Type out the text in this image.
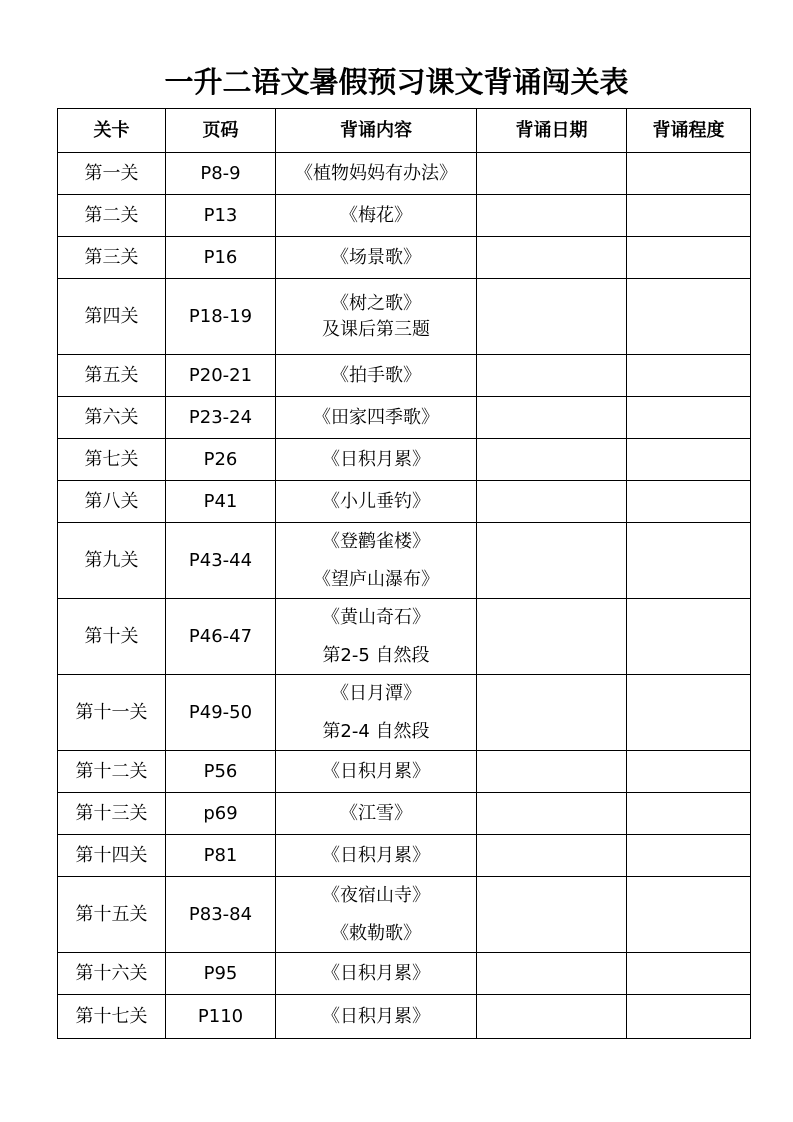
一升二语文暑假预习课文背诵闯关表
关卡	页码	背诵内容	背诵日期	背诵程度
第一关	P8-9	《植物妈妈有办法》		

第二关	P13	《梅花》		

第三关	P16	《场景歌》		

第四关	P18-19	《树之歌》
及课后第三题		

第五关	P20-21	《拍手歌》		

第六关	P23-24	《田家四季歌》		

第七关	P26	《日积月累》		

第八关	P41	《小儿垂钓》		

第九关	P43-44	《登鹳雀楼》
《望庐山瀑布》		

第十关	P46-47	《黄山奇石》
第2-5 自然段		

第十一关	P49-50	《日月潭》
第2-4 自然段		

第十二关	P56	《日积月累》		

第十三关	p69	《江雪》		

第十四关	P81	《日积月累》		

第十五关	P83-84	《夜宿山寺》
《敕勒歌》		

第十六关	P95	《日积月累》		

第十七关	P110	《日积月累》		
